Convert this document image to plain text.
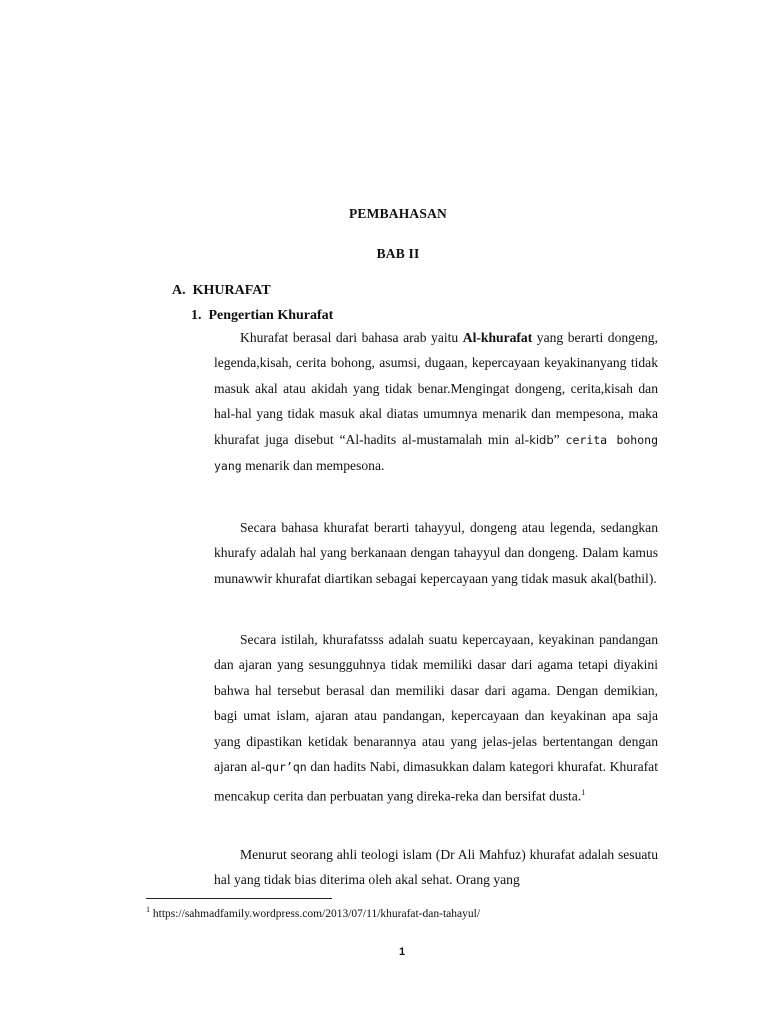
PEMBAHASAN
BAB II
A. KHURAFAT
1. Pengertian Khurafat

Khurafat berasal dari bahasa arab yaitu Al-khurafat yang berarti dongeng, legenda,kisah, cerita bohong, asumsi, dugaan, kepercayaan keyakinanyang tidak masuk akal atau akidah yang tidak benar.Mengingat dongeng, cerita,kisah dan hal-hal yang tidak masuk akal diatas umumnya menarik dan mempesona, maka khurafat juga disebut “Al-hadits al-mustamalah min al-kidb” cerita bohong yang menarik dan mempesona.

Secara bahasa khurafat berarti tahayyul, dongeng atau legenda, sedangkan khurafy adalah hal yang berkanaan dengan tahayyul dan dongeng. Dalam kamus munawwir khurafat diartikan sebagai kepercayaan yang tidak masuk akal(bathil).

Secara istilah, khurafatsss adalah suatu kepercayaan, keyakinan pandangan dan ajaran yang sesungguhnya tidak memiliki dasar dari agama tetapi diyakini bahwa hal tersebut berasal dan memiliki dasar dari agama. Dengan demikian, bagi umat islam, ajaran atau pandangan, kepercayaan dan keyakinan apa saja yang dipastikan ketidak benarannya atau yang jelas-jelas bertentangan dengan ajaran al-qur’qn dan hadits Nabi, dimasukkan dalam kategori khurafat. Khurafat mencakup cerita dan perbuatan yang direka-reka dan bersifat dusta.$^1$

Menurut seorang ahli teologi islam (Dr Ali Mahfuz) khurafat adalah sesuatu hal yang tidak bias diterima oleh akal sehat. Orang yang

$^1$ https://sahmadfamily.wordpress.com/2013/07/11/khurafat-dan-tahayul/
1
